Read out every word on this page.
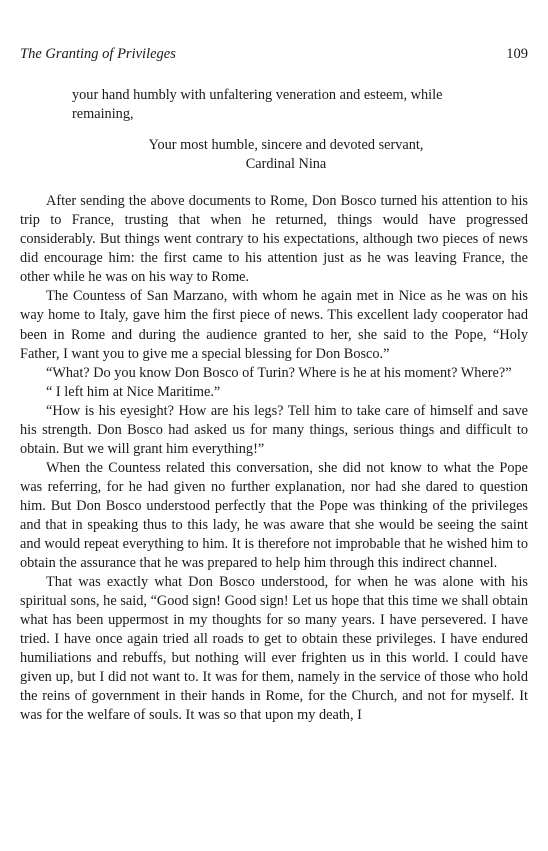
The Granting of Privileges	109

your hand humbly with unfaltering veneration and esteem, while remaining,

Your most humble, sincere and devoted servant,
Cardinal Nina

After sending the above documents to Rome, Don Bosco turned his attention to his trip to France, trusting that when he returned, things would have progressed considerably. But things went contrary to his expectations, although two pieces of news did encourage him: the first came to his attention just as he was leaving France, the other while he was on his way to Rome.

The Countess of San Marzano, with whom he again met in Nice as he was on his way home to Italy, gave him the first piece of news. This excellent lady cooperator had been in Rome and during the audience granted to her, she said to the Pope, “Holy Father, I want you to give me a special blessing for Don Bosco.”

“What? Do you know Don Bosco of Turin? Where is he at his moment? Where?”

“ I left him at Nice Maritime.”

“How is his eyesight? How are his legs? Tell him to take care of himself and save his strength. Don Bosco had asked us for many things, serious things and difficult to obtain. But we will grant him everything!”

When the Countess related this conversation, she did not know to what the Pope was referring, for he had given no further explanation, nor had she dared to question him. But Don Bosco understood perfectly that the Pope was thinking of the privileges and that in speaking thus to this lady, he was aware that she would be seeing the saint and would repeat everything to him. It is therefore not improbable that he wished him to obtain the assurance that he was prepared to help him through this indirect channel.

That was exactly what Don Bosco understood, for when he was alone with his spiritual sons, he said, “Good sign! Good sign! Let us hope that this time we shall obtain what has been uppermost in my thoughts for so many years. I have persevered. I have tried. I have once again tried all roads to get to obtain these privileges. I have endured humiliations and rebuffs, but nothing will ever frighten us in this world. I could have given up, but I did not want to. It was for them, namely in the service of those who hold the reins of government in their hands in Rome, for the Church, and not for myself. It was for the welfare of souls. It was so that upon my death, I
